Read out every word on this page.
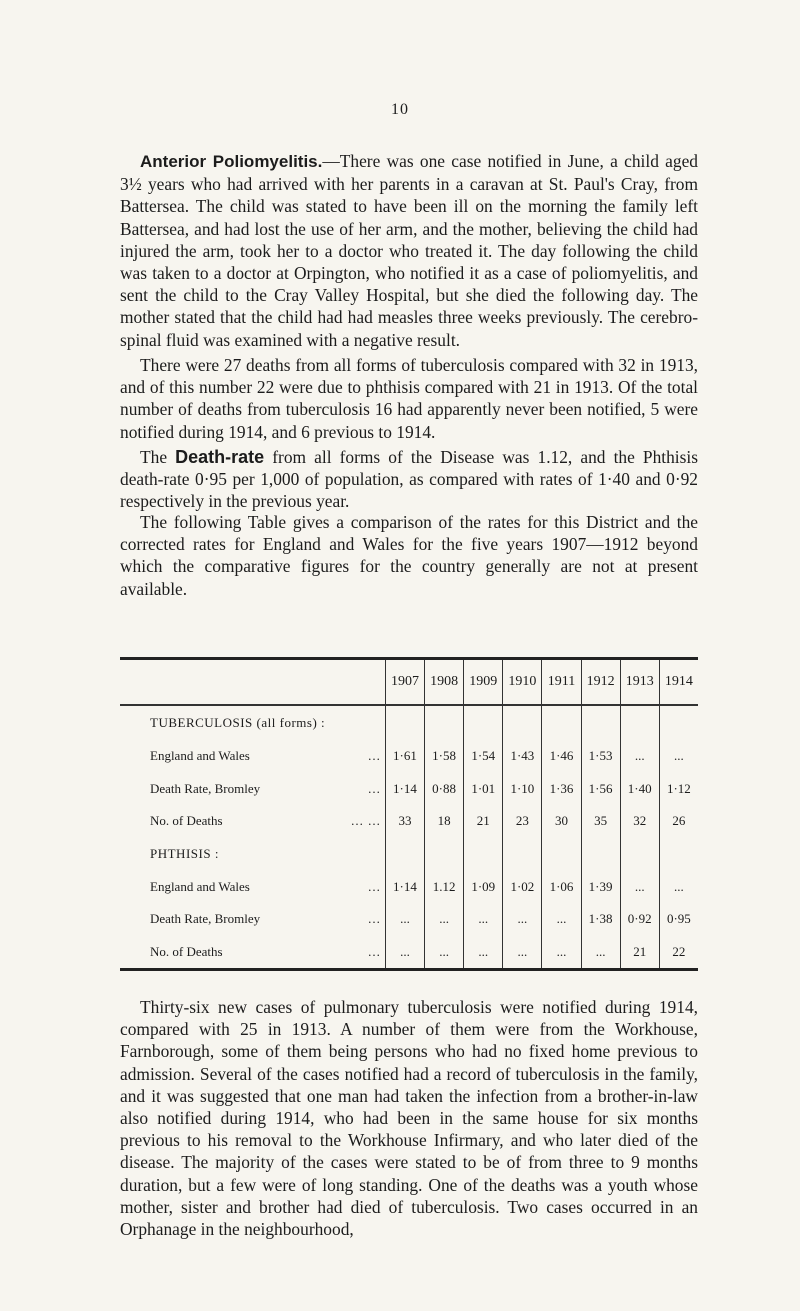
10

Anterior Poliomyelitis.—There was one case notified in June, a child aged 3½ years who had arrived with her parents in a caravan at St. Paul's Cray, from Battersea. The child was stated to have been ill on the morning the family left Battersea, and had lost the use of her arm, and the mother, believing the child had injured the arm, took her to a doctor who treated it. The day following the child was taken to a doctor at Orpington, who notified it as a case of poliomyelitis, and sent the child to the Cray Valley Hospital, but she died the following day. The mother stated that the child had had measles three weeks previously. The cerebro-spinal fluid was examined with a negative result.

There were 27 deaths from all forms of tuberculosis compared with 32 in 1913, and of this number 22 were due to phthisis compared with 21 in 1913. Of the total number of deaths from tuberculosis 16 had apparently never been notified, 5 were notified during 1914, and 6 previous to 1914.

The Death-rate from all forms of the Disease was 1.12, and the Phthisis death-rate 0·95 per 1,000 of population, as compared with rates of 1·40 and 0·92 respectively in the previous year.

The following Table gives a comparison of the rates for this District and the corrected rates for England and Wales for the five years 1907—1912 beyond which the comparative figures for the country generally are not at present available.

	1907	1908	1909	1910	1911	1912	1913	1914
TUBERCULOSIS (all forms) :								
England and Wales ...	1·61	1·58	1·54	1·43	1·46	1·53	...	...
Death Rate, Bromley ...	1·14	0·88	1·01	1·10	1·36	1·56	1·40	1·12
No. of Deaths ... ...	33	18	21	23	30	35	32	26
PHTHISIS :								
England and Wales ...	1·14	1.12	1·09	1·02	1·06	1·39	...	...
Death Rate, Bromley ...	...	...	...	...	...	1·38	0·92	0·95
No. of Deaths ...	...	...	...	...	...	...	21	22

Thirty-six new cases of pulmonary tuberculosis were notified during 1914, compared with 25 in 1913. A number of them were from the Workhouse, Farnborough, some of them being persons who had no fixed home previous to admission. Several of the cases notified had a record of tuberculosis in the family, and it was suggested that one man had taken the infection from a brother-in-law also notified during 1914, who had been in the same house for six months previous to his removal to the Workhouse Infirmary, and who later died of the disease. The majority of the cases were stated to be of from three to 9 months duration, but a few were of long standing. One of the deaths was a youth whose mother, sister and brother had died of tuberculosis. Two cases occurred in an Orphanage in the neighbourhood,
